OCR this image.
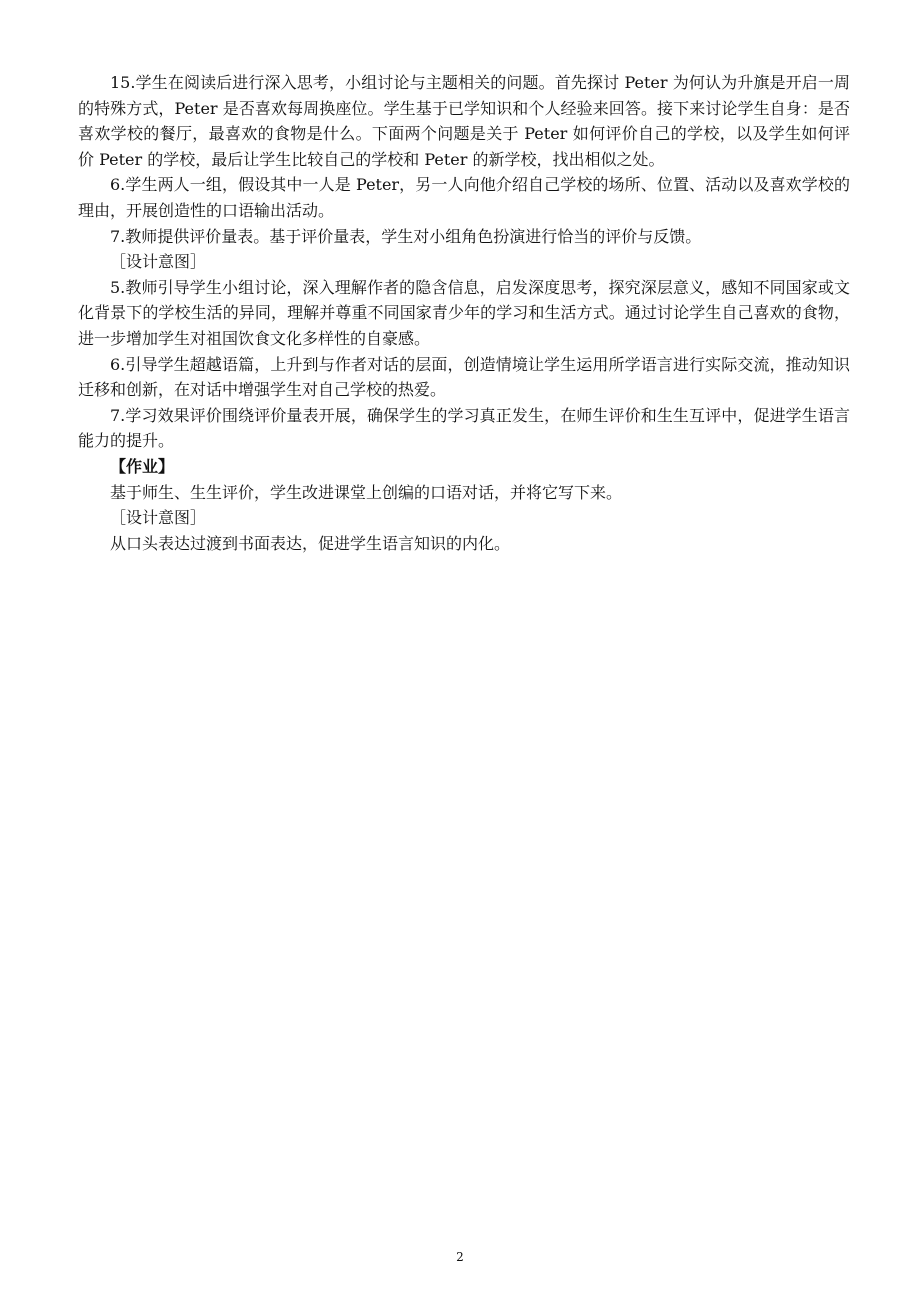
15.学生在阅读后进行深入思考，小组讨论与主题相关的问题。首先探讨 Peter 为何认为升旗是开启一周的特殊方式，Peter 是否喜欢每周换座位。学生基于已学知识和个人经验来回答。接下来讨论学生自身：是否喜欢学校的餐厅，最喜欢的食物是什么。下面两个问题是关于 Peter 如何评价自己的学校，以及学生如何评价 Peter 的学校，最后让学生比较自己的学校和 Peter 的新学校，找出相似之处。

6.学生两人一组，假设其中一人是 Peter，另一人向他介绍自己学校的场所、位置、活动以及喜欢学校的理由，开展创造性的口语输出活动。

7.教师提供评价量表。基于评价量表，学生对小组角色扮演进行恰当的评价与反馈。

［设计意图］

5.教师引导学生小组讨论，深入理解作者的隐含信息，启发深度思考，探究深层意义，感知不同国家或文化背景下的学校生活的异同，理解并尊重不同国家青少年的学习和生活方式。通过讨论学生自己喜欢的食物，进一步增加学生对祖国饮食文化多样性的自豪感。

6.引导学生超越语篇，上升到与作者对话的层面，创造情境让学生运用所学语言进行实际交流，推动知识迁移和创新，在对话中增强学生对自己学校的热爱。

7.学习效果评价围绕评价量表开展，确保学生的学习真正发生，在师生评价和生生互评中，促进学生语言能力的提升。

【作业】

基于师生、生生评价，学生改进课堂上创编的口语对话，并将它写下来。

［设计意图］

从口头表达过渡到书面表达，促进学生语言知识的内化。

2
